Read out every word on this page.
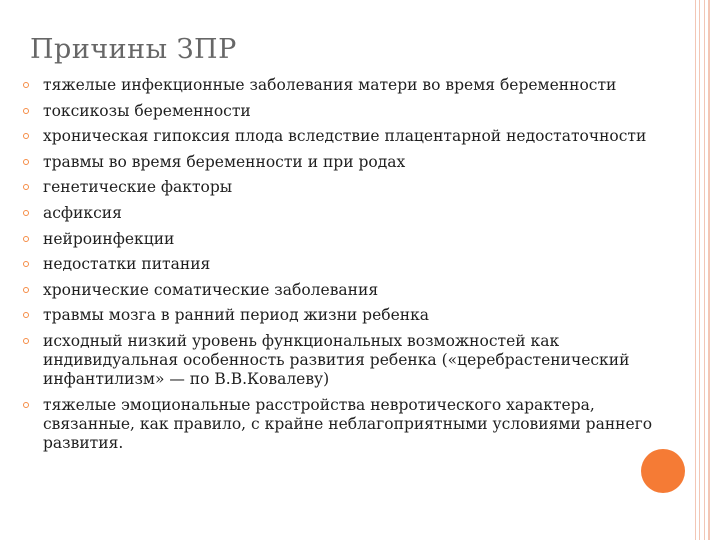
Причины ЗПР
тяжелые инфекционные заболевания матери во время беременности
токсикозы беременности
хроническая гипоксия плода вследствие плацентарной недостаточности
травмы во время беременности и при родах
генетические факторы
асфиксия
нейроинфекции
недостатки питания
хронические соматические заболевания
травмы мозга в ранний период жизни ребенка
исходный низкий уровень функциональных возможностей как индивидуальная особенность развития ребенка («церебрастенический инфантилизм» — по В.В.Ковалеву)
тяжелые эмоциональные расстройства невротического характера, связанные, как правило, с крайне неблагоприятными условиями раннего развития.
